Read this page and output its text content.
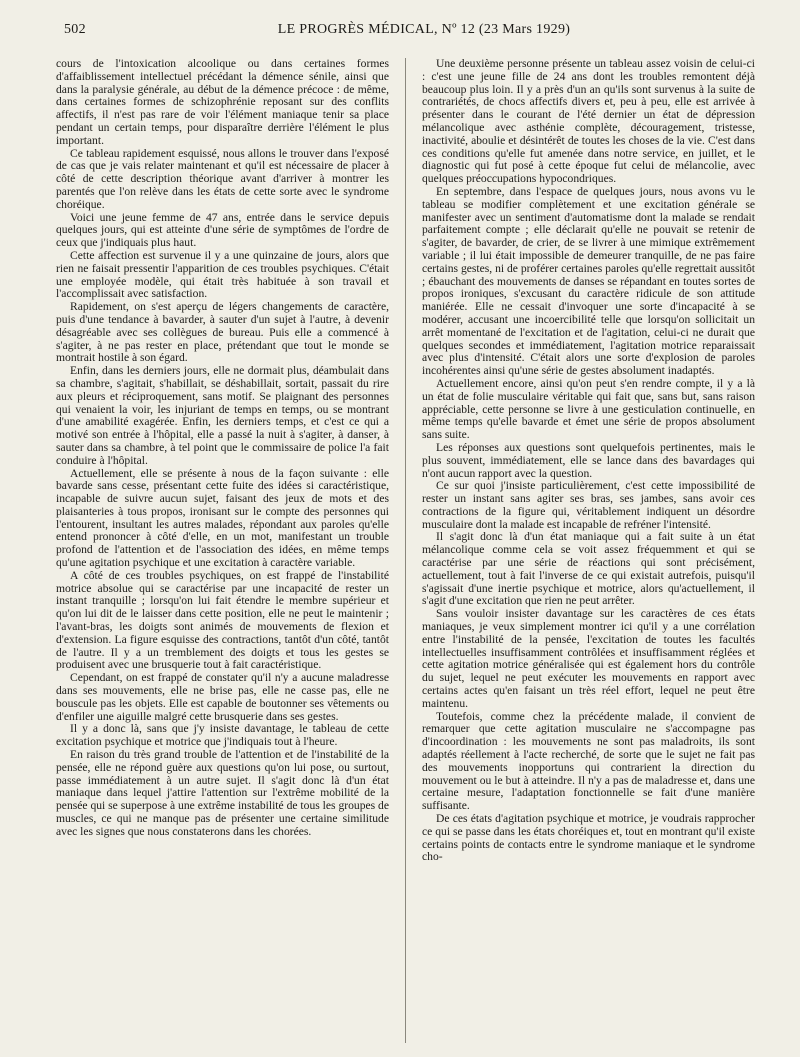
502	LE PROGRÈS MÉDICAL, Nº 12 (23 Mars 1929)

cours de l'intoxication alcoolique ou dans certaines formes d'affaiblissement intellectuel précédant la démence sénile, ainsi que dans la paralysie générale, au début de la démence précoce : de même, dans certaines formes de schizophrénie reposant sur des conflits affectifs, il n'est pas rare de voir l'élément maniaque tenir sa place pendant un certain temps, pour disparaître derrière l'élément le plus important.

Ce tableau rapidement esquissé, nous allons le trouver dans l'exposé de cas que je vais relater maintenant et qu'il est nécessaire de placer à côté de cette description théorique avant d'arriver à montrer les parentés que l'on relève dans les états de cette sorte avec le syndrome choréique.

Voici une jeune femme de 47 ans, entrée dans le service depuis quelques jours, qui est atteinte d'une série de symptômes de l'ordre de ceux que j'indiquais plus haut.

Cette affection est survenue il y a une quinzaine de jours, alors que rien ne faisait pressentir l'apparition de ces troubles psychiques. C'était une employée modèle, qui était très habituée à son travail et l'accomplissait avec satisfaction.

Rapidement, on s'est aperçu de légers changements de caractère, puis d'une tendance à bavarder, à sauter d'un sujet à l'autre, à devenir désagréable avec ses collègues de bureau. Puis elle a commencé à s'agiter, à ne pas rester en place, prétendant que tout le monde se montrait hostile à son égard.

Enfin, dans les derniers jours, elle ne dormait plus, déambulait dans sa chambre, s'agitait, s'habillait, se déshabillait, sortait, passait du rire aux pleurs et réciproquement, sans motif. Se plaignant des personnes qui venaient la voir, les injuriant de temps en temps, ou se montrant d'une amabilité exagérée. Enfin, les derniers temps, et c'est ce qui a motivé son entrée à l'hôpital, elle a passé la nuit à s'agiter, à danser, à sauter dans sa chambre, à tel point que le commissaire de police l'a fait conduire à l'hôpital.

Actuellement, elle se présente à nous de la façon suivante : elle bavarde sans cesse, présentant cette fuite des idées si caractéristique, incapable de suivre aucun sujet, faisant des jeux de mots et des plaisanteries à tous propos, ironisant sur le compte des personnes qui l'entourent, insultant les autres malades, répondant aux paroles qu'elle entend prononcer à côté d'elle, en un mot, manifestant un trouble profond de l'attention et de l'association des idées, en même temps qu'une agitation psychique et une excitation à caractère variable.

A côté de ces troubles psychiques, on est frappé de l'instabilité motrice absolue qui se caractérise par une incapacité de rester un instant tranquille ; lorsqu'on lui fait étendre le membre supérieur et qu'on lui dit de le laisser dans cette position, elle ne peut le maintenir ; l'avant-bras, les doigts sont animés de mouvements de flexion et d'extension. La figure esquisse des contractions, tantôt d'un côté, tantôt de l'autre. Il y a un tremblement des doigts et tous les gestes se produisent avec une brusquerie tout à fait caractéristique.

Cependant, on est frappé de constater qu'il n'y a aucune maladresse dans ses mouvements, elle ne brise pas, elle ne casse pas, elle ne bouscule pas les objets. Elle est capable de boutonner ses vêtements ou d'enfiler une aiguille malgré cette brusquerie dans ses gestes.

Il y a donc là, sans que j'y insiste davantage, le tableau de cette excitation psychique et motrice que j'indiquais tout à l'heure.

En raison du très grand trouble de l'attention et de l'instabilité de la pensée, elle ne répond guère aux questions qu'on lui pose, ou surtout, passe immédiatement à un autre sujet. Il s'agit donc là d'un état maniaque dans lequel j'attire l'attention sur l'extrême mobilité de la pensée qui se superpose à une extrême instabilité de tous les groupes de muscles, ce qui ne manque pas de présenter une certaine similitude avec les signes que nous constaterons dans les chorées.

Une deuxième personne présente un tableau assez voisin de celui-ci : c'est une jeune fille de 24 ans dont les troubles remontent déjà beaucoup plus loin. Il y a près d'un an qu'ils sont survenus à la suite de contrariétés, de chocs affectifs divers et, peu à peu, elle est arrivée à présenter dans le courant de l'été dernier un état de dépression mélancolique avec asthénie complète, découragement, tristesse, inactivité, aboulie et désintérêt de toutes les choses de la vie. C'est dans ces conditions qu'elle fut amenée dans notre service, en juillet, et le diagnostic qui fut posé à cette époque fut celui de mélancolie, avec quelques préoccupations hypocondriques.

En septembre, dans l'espace de quelques jours, nous avons vu le tableau se modifier complètement et une excitation générale se manifester avec un sentiment d'automatisme dont la malade se rendait parfaitement compte ; elle déclarait qu'elle ne pouvait se retenir de s'agiter, de bavarder, de crier, de se livrer à une mimique extrêmement variable ; il lui était impossible de demeurer tranquille, de ne pas faire certains gestes, ni de proférer certaines paroles qu'elle regrettait aussitôt ; ébauchant des mouvements de danses se répandant en toutes sortes de propos ironiques, s'excusant du caractère ridicule de son attitude maniérée. Elle ne cessait d'invoquer une sorte d'incapacité à se modérer, accusant une incoercibilité telle que lorsqu'on sollicitait un arrêt momentané de l'excitation et de l'agitation, celui-ci ne durait que quelques secondes et immédiatement, l'agitation motrice reparaissait avec plus d'intensité. C'était alors une sorte d'explosion de paroles incohérentes ainsi qu'une série de gestes absolument inadaptés.

Actuellement encore, ainsi qu'on peut s'en rendre compte, il y a là un état de folie musculaire véritable qui fait que, sans but, sans raison appréciable, cette personne se livre à une gesticulation continuelle, en même temps qu'elle bavarde et émet une série de propos absolument sans suite.

Les réponses aux questions sont quelquefois pertinentes, mais le plus souvent, immédiatement, elle se lance dans des bavardages qui n'ont aucun rapport avec la question.

Ce sur quoi j'insiste particulièrement, c'est cette impossibilité de rester un instant sans agiter ses bras, ses jambes, sans avoir ces contractions de la figure qui, véritablement indiquent un désordre musculaire dont la malade est incapable de refréner l'intensité.

Il s'agit donc là d'un état maniaque qui a fait suite à un état mélancolique comme cela se voit assez fréquemment et qui se caractérise par une série de réactions qui sont précisément, actuellement, tout à fait l'inverse de ce qui existait autrefois, puisqu'il s'agissait d'une inertie psychique et motrice, alors qu'actuellement, il s'agit d'une excitation que rien ne peut arrêter.

Sans vouloir insister davantage sur les caractères de ces états maniaques, je veux simplement montrer ici qu'il y a une corrélation entre l'instabilité de la pensée, l'excitation de toutes les facultés intellectuelles insuffisamment contrôlées et insuffisamment réglées et cette agitation motrice généralisée qui est également hors du contrôle du sujet, lequel ne peut exécuter les mouvements en rapport avec certains actes qu'en faisant un très réel effort, lequel ne peut être maintenu.

Toutefois, comme chez la précédente malade, il convient de remarquer que cette agitation musculaire ne s'accompagne pas d'incoordination : les mouvements ne sont pas maladroits, ils sont adaptés réellement à l'acte recherché, de sorte que le sujet ne fait pas des mouvements inopportuns qui contrarient la direction du mouvement ou le but à atteindre. Il n'y a pas de maladresse et, dans une certaine mesure, l'adaptation fonctionnelle se fait d'une manière suffisante.

De ces états d'agitation psychique et motrice, je voudrais rapprocher ce qui se passe dans les états choréiques et, tout en montrant qu'il existe certains points de contacts entre le syndrome maniaque et le syndrome cho-
